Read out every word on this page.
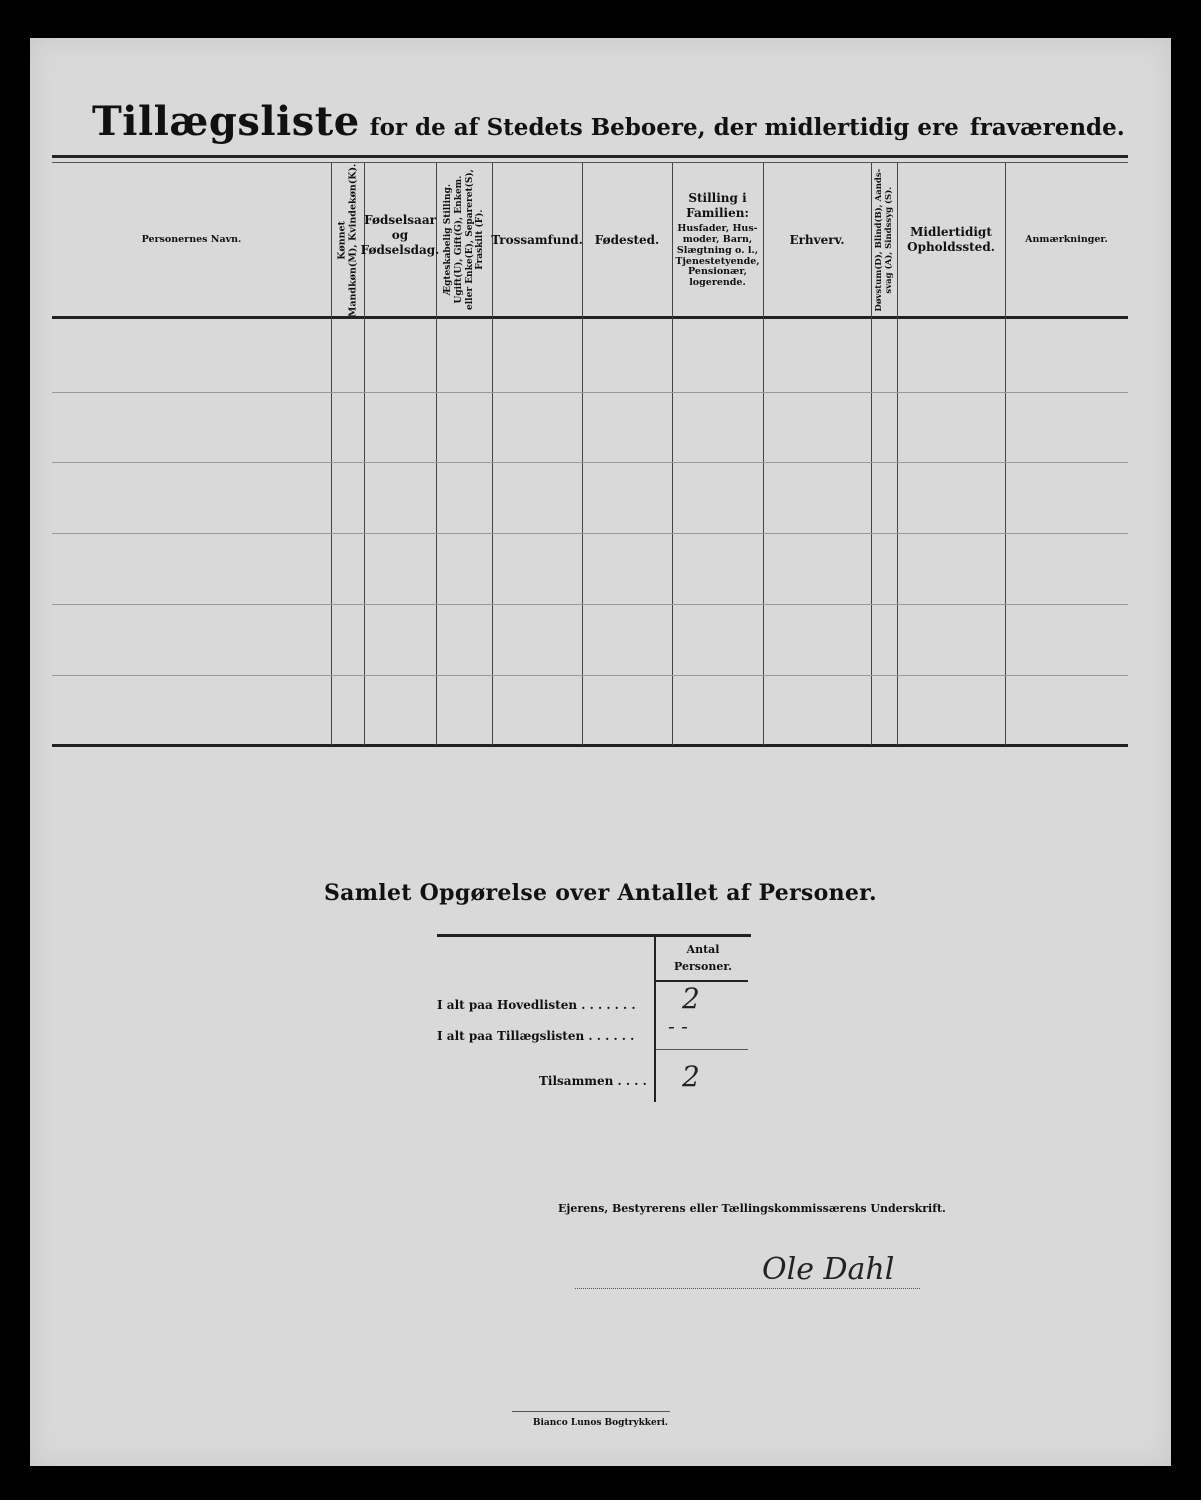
Tillægsliste for de af Stedets Beboere, der midlertidig ere fraværende.
Personernes Navn.	Kønnet
Mandkøn(M), Kvindekøn(K). Fødselsaar
og
Fødselsdag. Ægteskabelig Stilling.
Ugift(U), Gift(G), Enkem.
eller Enke(E), Separeret(S),
Fraskilt (F).
Trossamfund. Fødested.
Stilling i
Familien:
Husfader, Hus-
moder, Barn,
Slægtning o. l.,
Tjenestetyende,
Pensionær,
logerende.
Erhverv.
Døvstum(D), Blind(B), Aands-
svag (A), Sindssyg (S).
Midlertidigt
Opholdssted.
Anmærkninger.
Samlet Opgørelse over Antallet af Personer.
Antal
Personer.
I alt paa Hovedlisten . . . . . . . 2
I alt paa Tillægslisten . . . . . . - -
Tilsammen . . . . 2
Ejerens, Bestyrerens eller Tællingskommissærens Underskrift.
Ole Dahl
Bianco Lunos Bogtrykkeri.
